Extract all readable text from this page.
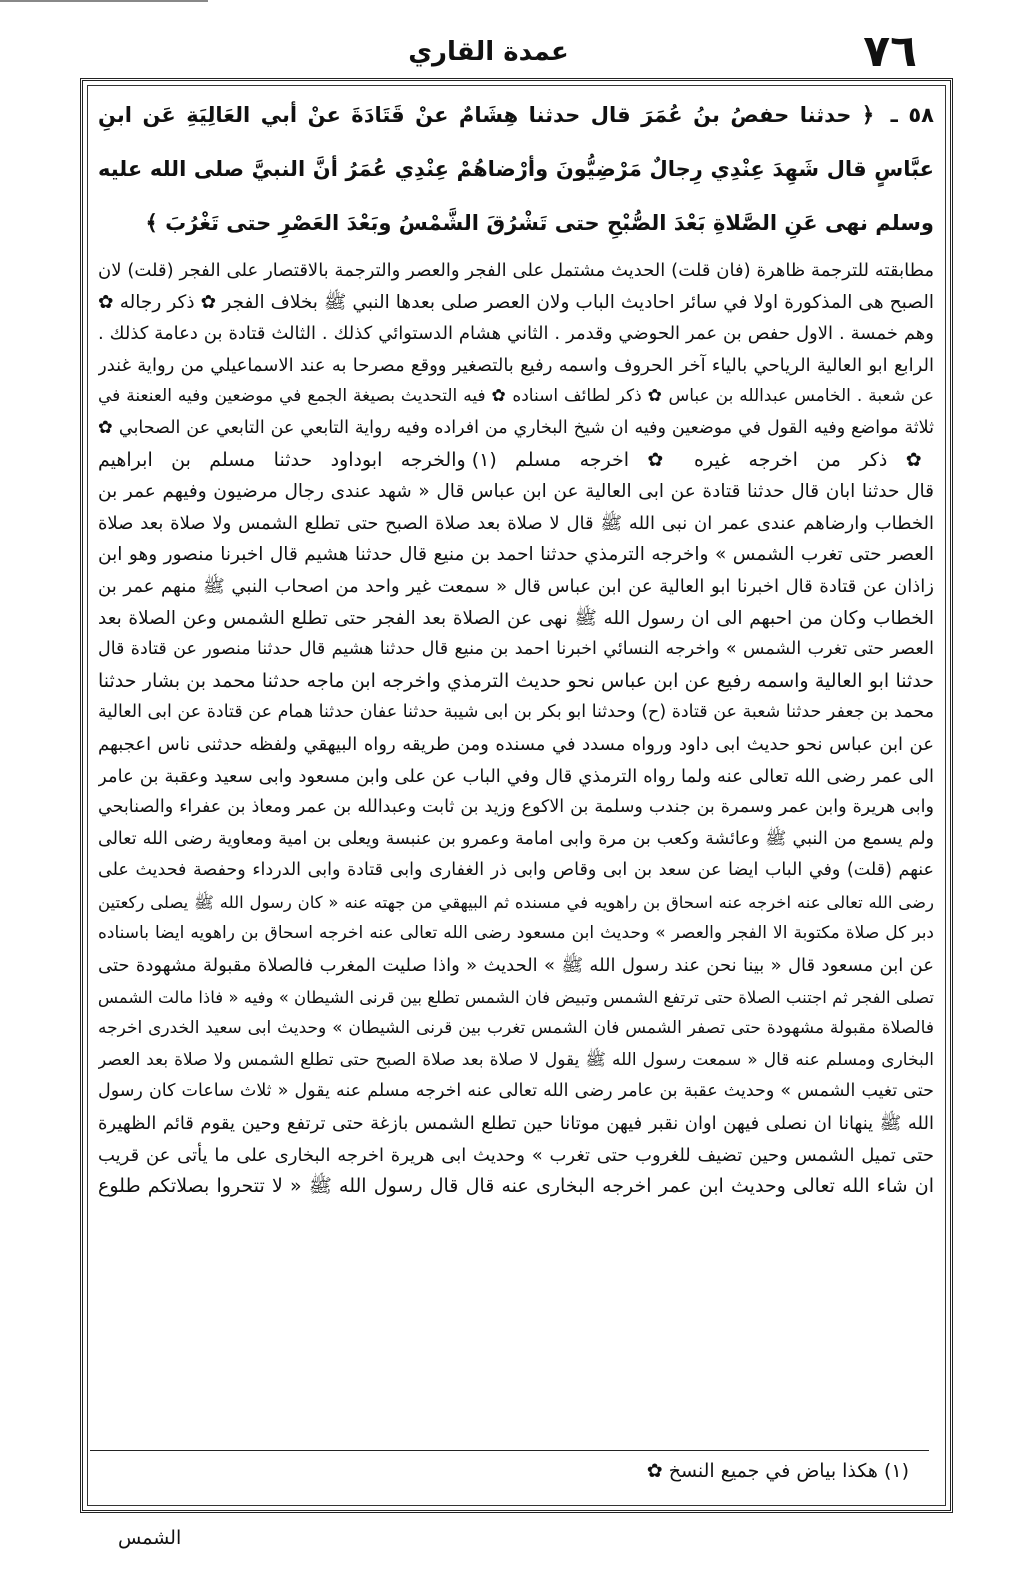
٧٦
عمدة القاري
٥٨ ـ ﴿ حدثنا حفصُ بنُ عُمَرَ قال حدثنا هِشَامٌ عنْ قَتَادَةَ عنْ أبي العَالِيَةِ عَن ابنِ عبَّاسٍ قال شَهِدَ عِنْدِي رِجالٌ مَرْضِيُّونَ وأرْضاهُمْ عِنْدِي عُمَرُ أنَّ النبيَّ صلى الله عليه وسلم نهى عَنِ الصَّلاةِ بَعْدَ الصُّبْحِ حتى تَشْرُقَ الشَّمْسُ وبَعْدَ العَصْرِ حتى تَغْرُبَ ﴾
مطابقته للترجمة ظاهرة (فان قلت) الحديث مشتمل على الفجر والعصر والترجمة بالاقتصار على الفجر (قلت) لان
الصبح هى المذكورة اولا في سائر احاديث الباب ولان العصر صلى بعدها النبي ﷺ بخلاف الفجر ✿ ذكر رجاله ✿
وهم خمسة . الاول حفص بن عمر الحوضي وقدمر . الثاني هشام الدستوائي كذلك . الثالث قتادة بن دعامة كذلك .
الرابع ابو العالية الرياحي بالياء آخر الحروف واسمه رفيع بالتصغير ووقع مصرحا به عند الاسماعيلي من رواية غندر
عن شعبة . الخامس عبدالله بن عباس ✿ ذكر لطائف اسناده ✿ فيه التحديث بصيغة الجمع في موضعين وفيه العنعنة في
ثلاثة مواضع وفيه القول في موضعين وفيه ان شيخ البخاري من افراده وفيه رواية التابعي عن التابعي عن الصحابي ✿
✿ ذكر من اخرجه غيره ✿ اخرجه مسلم (١) والخرجه ابوداود حدثنا مسلم بن ابراهيم
قال حدثنا ابان قال حدثنا قتادة عن ابى العالية عن ابن عباس قال « شهد عندى رجال مرضيون وفيهم عمر بن
الخطاب وارضاهم عندى عمر ان نبى الله ﷺ قال لا صلاة بعد صلاة الصبح حتى تطلع الشمس ولا صلاة بعد صلاة
العصر حتى تغرب الشمس » واخرجه الترمذي حدثنا احمد بن منيع قال حدثنا هشيم قال اخبرنا منصور وهو ابن
زاذان عن قتادة قال اخبرنا ابو العالية عن ابن عباس قال « سمعت غير واحد من اصحاب النبي ﷺ منهم عمر بن
الخطاب وكان من احبهم الى ان رسول الله ﷺ نهى عن الصلاة بعد الفجر حتى تطلع الشمس وعن الصلاة بعد
العصر حتى تغرب الشمس » واخرجه النسائي اخبرنا احمد بن منيع قال حدثنا هشيم قال حدثنا منصور عن قتادة قال
حدثنا ابو العالية واسمه رفيع عن ابن عباس نحو حديث الترمذي واخرجه ابن ماجه حدثنا محمد بن بشار حدثنا
محمد بن جعفر حدثنا شعبة عن قتادة (ح) وحدثنا ابو بكر بن ابى شيبة حدثنا عفان حدثنا همام عن قتادة عن ابى العالية
عن ابن عباس نحو حديث ابى داود ورواه مسدد في مسنده ومن طريقه رواه البيهقي ولفظه حدثنى ناس اعجبهم
الى عمر رضى الله تعالى عنه ولما رواه الترمذي قال وفي الباب عن على وابن مسعود وابى سعيد وعقبة بن عامر
وابى هريرة وابن عمر وسمرة بن جندب وسلمة بن الاكوع وزيد بن ثابت وعبدالله بن عمر ومعاذ بن عفراء والصنابحي
ولم يسمع من النبي ﷺ وعائشة وكعب بن مرة وابى امامة وعمرو بن عنبسة ويعلى بن امية ومعاوية رضى الله تعالى
عنهم (قلت) وفي الباب ايضا عن سعد بن ابى وقاص وابى ذر الغفارى وابى قتادة وابى الدرداء وحفصة فحديث على
رضى الله تعالى عنه اخرجه عنه اسحاق بن راهويه في مسنده ثم البيهقي من جهته عنه « كان رسول الله ﷺ يصلى ركعتين
دبر كل صلاة مكتوبة الا الفجر والعصر » وحديث ابن مسعود رضى الله تعالى عنه اخرجه اسحاق بن راهويه ايضا باسناده
عن ابن مسعود قال « بينا نحن عند رسول الله ﷺ » الحديث « واذا صليت المغرب فالصلاة مقبولة مشهودة حتى
تصلى الفجر ثم اجتنب الصلاة حتى ترتفع الشمس وتبيض فان الشمس تطلع بين قرنى الشيطان » وفيه « فاذا مالت الشمس
فالصلاة مقبولة مشهودة حتى تصفر الشمس فان الشمس تغرب بين قرنى الشيطان » وحديث ابى سعيد الخدرى اخرجه
البخارى ومسلم عنه قال « سمعت رسول الله ﷺ يقول لا صلاة بعد صلاة الصبح حتى تطلع الشمس ولا صلاة بعد العصر
حتى تغيب الشمس » وحديث عقبة بن عامر رضى الله تعالى عنه اخرجه مسلم عنه يقول « ثلاث ساعات كان رسول
الله ﷺ ينهانا ان نصلى فيهن اوان نقبر فيهن موتانا حين تطلع الشمس بازغة حتى ترتفع وحين يقوم قائم الظهيرة
حتى تميل الشمس وحين تضيف للغروب حتى تغرب » وحديث ابى هريرة اخرجه البخارى على ما يأتى عن قريب
ان شاء الله تعالى وحديث ابن عمر اخرجه البخارى عنه قال قال رسول الله ﷺ « لا تتحروا بصلاتكم طلوع
(١) هكذا بياض في جميع النسخ ✿
الشمس
